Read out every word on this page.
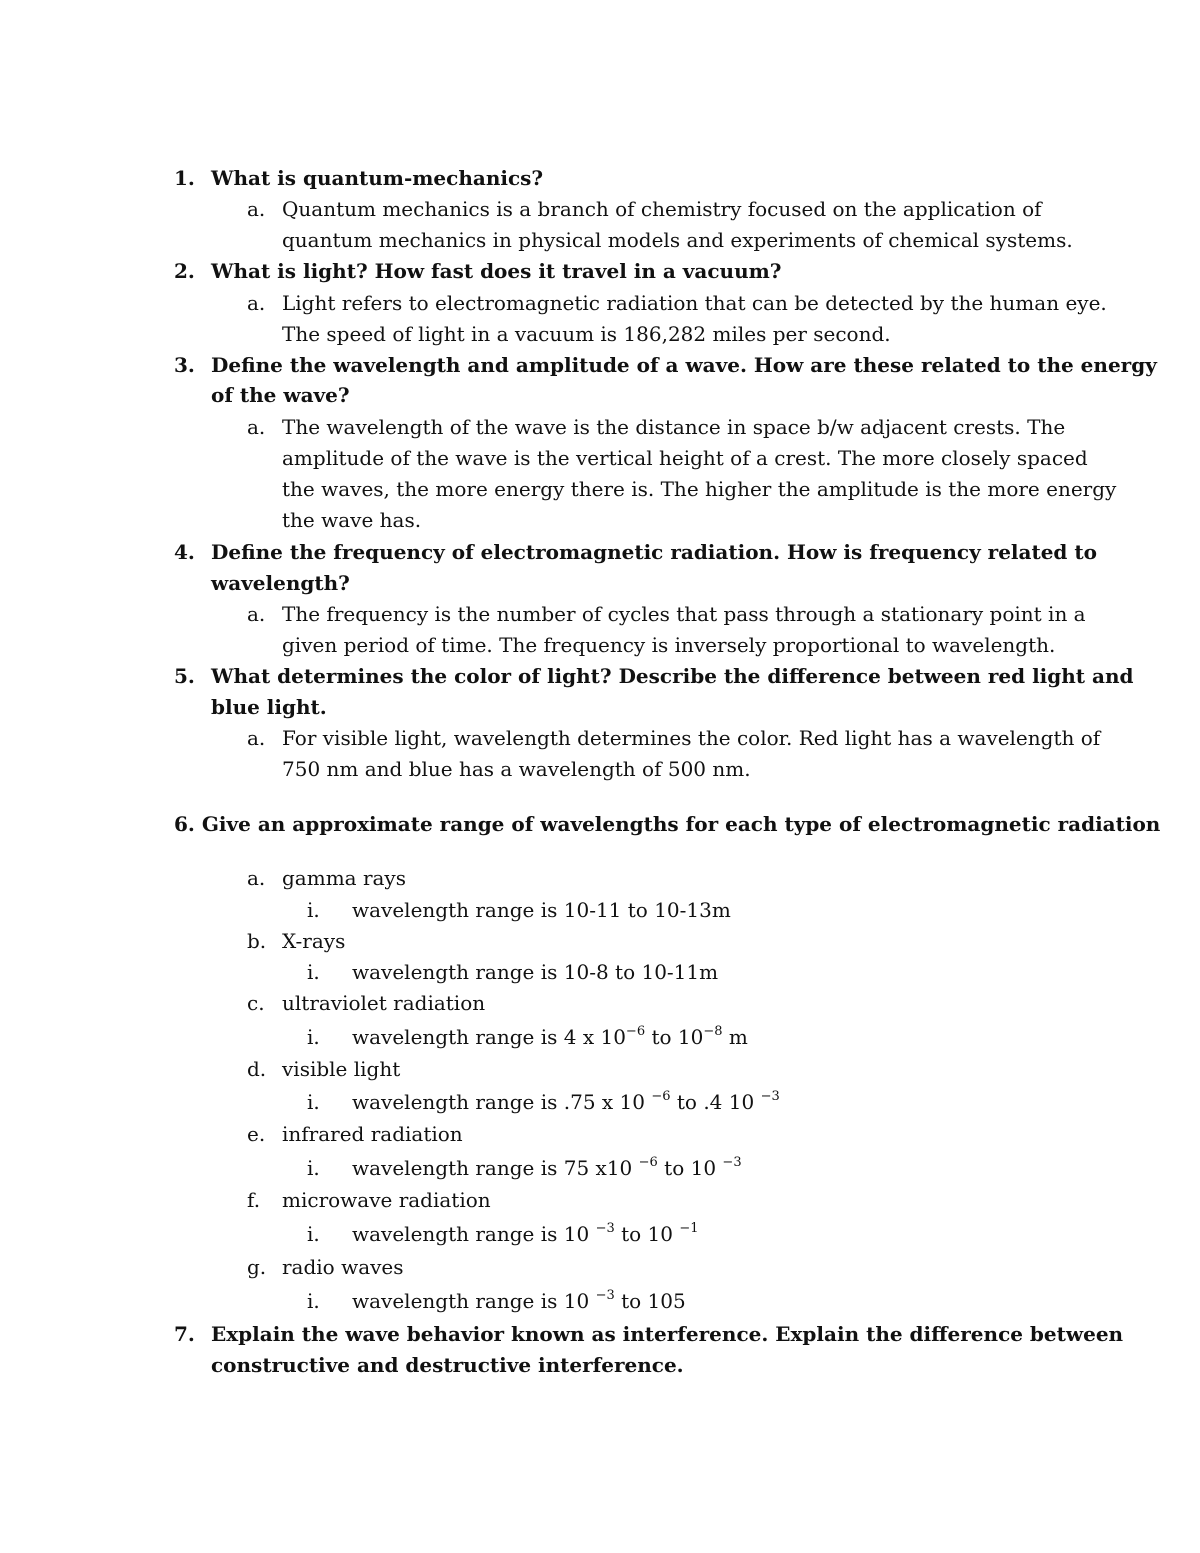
1. What is quantum-mechanics?
a. Quantum mechanics is a branch of chemistry focused on the application of
quantum mechanics in physical models and experiments of chemical systems.
2. What is light? How fast does it travel in a vacuum?
a. Light refers to electromagnetic radiation that can be detected by the human eye.
The speed of light in a vacuum is 186,282 miles per second.
3. Define the wavelength and amplitude of a wave. How are these related to the energy
of the wave?
a. The wavelength of the wave is the distance in space b/w adjacent crests. The
amplitude of the wave is the vertical height of a crest. The more closely spaced
the waves, the more energy there is. The higher the amplitude is the more energy
the wave has.
4. Define the frequency of electromagnetic radiation. How is frequency related to
wavelength?
a. The frequency is the number of cycles that pass through a stationary point in a
given period of time. The frequency is inversely proportional to wavelength.
5. What determines the color of light? Describe the difference between red light and
blue light.
a. For visible light, wavelength determines the color. Red light has a wavelength of
750 nm and blue has a wavelength of 500 nm.
6. Give an approximate range of wavelengths for each type of electromagnetic radiation
a. gamma rays
i. wavelength range is 10-11 to 10-13m
b. X-rays
i. wavelength range is 10-8 to 10-11m
c. ultraviolet radiation
i. wavelength range is 4 x $10^{-6}$ to $10^{-8}$ m
d. visible light
i. wavelength range is .75 x 10 $^{-6}$ to .4 10 $^{-3}$
e. infrared radiation
i. wavelength range is 75 x10 $^{-6}$ to 10 $^{-3}$
f. microwave radiation
i. wavelength range is 10 $^{-3}$ to 10 $^{-1}$
g. radio waves
i. wavelength range is 10 $^{-3}$ to 105
7. Explain the wave behavior known as interference. Explain the difference between
constructive and destructive interference.
